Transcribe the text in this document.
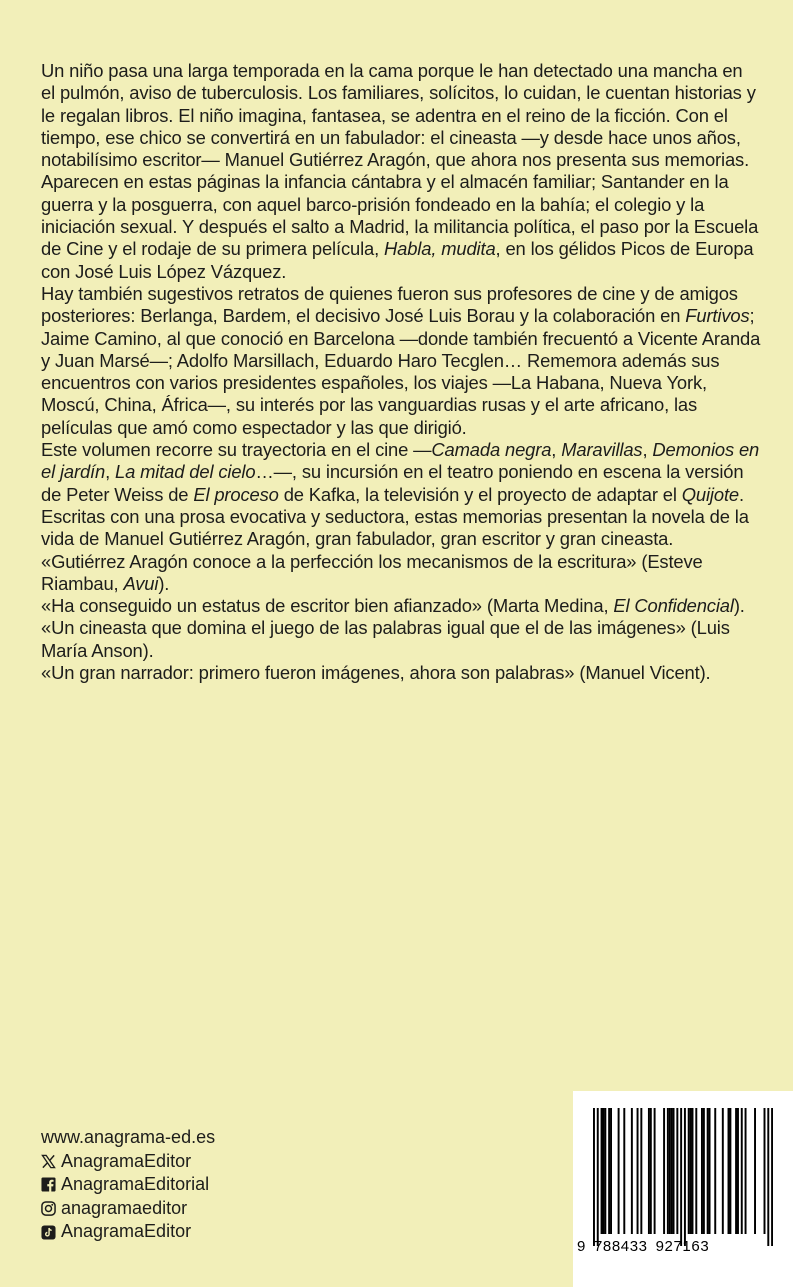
Un niño pasa una larga temporada en la cama porque le han detectado una mancha en el pulmón, aviso de tuberculosis. Los familiares, solícitos, lo cuidan, le cuentan historias y le regalan libros. El niño imagina, fantasea, se adentra en el reino de la ficción. Con el tiempo, ese chico se convertirá en un fabulador: el cineasta —y desde hace unos años, notabilísimo escritor— Manuel Gutiérrez Aragón, que ahora nos presenta sus memorias. Aparecen en estas páginas la infancia cántabra y el almacén familiar; Santander en la guerra y la posguerra, con aquel barco-prisión fondeado en la bahía; el colegio y la iniciación sexual. Y después el salto a Madrid, la militancia política, el paso por la Escuela de Cine y el rodaje de su primera película, Habla, mudita, en los gélidos Picos de Europa con José Luis López Vázquez.

Hay también sugestivos retratos de quienes fueron sus profesores de cine y de amigos posteriores: Berlanga, Bardem, el decisivo José Luis Borau y la colaboración en Furtivos; Jaime Camino, al que conoció en Barcelona —donde también frecuentó a Vicente Aranda y Juan Marsé—; Adolfo Marsillach, Eduardo Haro Tecglen… Rememora además sus encuentros con varios presidentes españoles, los viajes —La Habana, Nueva York, Moscú, China, África—, su interés por las vanguardias rusas y el arte africano, las películas que amó como espectador y las que dirigió.

Este volumen recorre su trayectoria en el cine —Camada negra, Maravillas, Demonios en el jardín, La mitad del cielo…—, su incursión en el teatro poniendo en escena la versión de Peter Weiss de El proceso de Kafka, la televisión y el proyecto de adaptar el Quijote.

Escritas con una prosa evocativa y seductora, estas memorias presentan la novela de la vida de Manuel Gutiérrez Aragón, gran fabulador, gran escritor y gran cineasta.

«Gutiérrez Aragón conoce a la perfección los mecanismos de la escritura» (Esteve Riambau, Avui).

«Ha conseguido un estatus de escritor bien afianzado» (Marta Medina, El Confidencial).

«Un cineasta que domina el juego de las palabras igual que el de las imágenes» (Luis María Anson).

«Un gran narrador: primero fueron imágenes, ahora son palabras» (Manuel Vicent).

www.anagrama-ed.es
AnagramaEditor
AnagramaEditorial
anagramaeditor
AnagramaEditor
9 788433 927163
